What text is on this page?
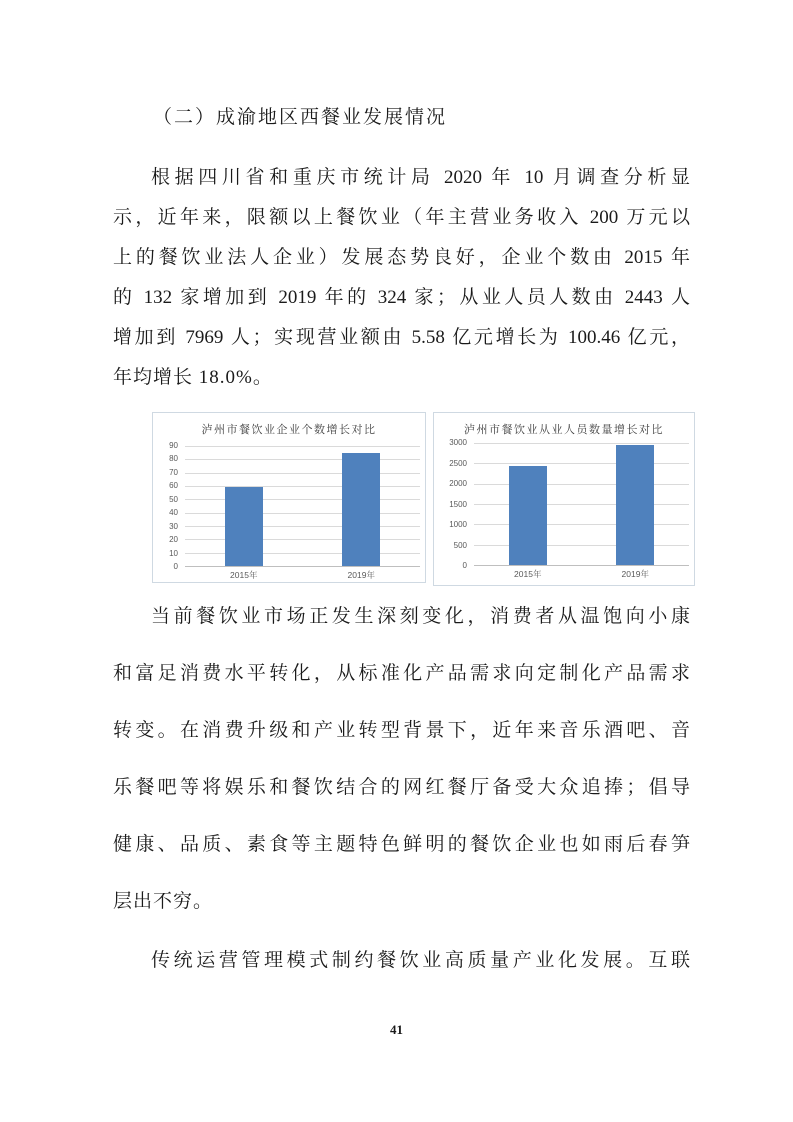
（二）成渝地区西餐业发展情况

根据四川省和重庆市统计局 2020 年 10 月调查分析显

示，近年来，限额以上餐饮业（年主营业务收入 200 万元以

上的餐饮业法人企业）发展态势良好，企业个数由 2015 年

的 132 家增加到 2019 年的 324 家；从业人员人数由 2443 人

增加到 7969 人；实现营业额由 5.58 亿元增长为 100.46 亿元，

年均增长 18.0%。

泸州市餐饮业企业个数增长对比
0
10
20
30
40
50
60
70
80
90
2015年	2019年
泸州市餐饮业从业人员数量增长对比
0
500
1000
1500
2000
2500
3000
2015年	2019年

当前餐饮业市场正发生深刻变化，消费者从温饱向小康

和富足消费水平转化，从标准化产品需求向定制化产品需求

转变。在消费升级和产业转型背景下，近年来音乐酒吧、音

乐餐吧等将娱乐和餐饮结合的网红餐厅备受大众追捧；倡导

健康、品质、素食等主题特色鲜明的餐饮企业也如雨后春笋

层出不穷。

传统运营管理模式制约餐饮业高质量产业化发展。互联

41
